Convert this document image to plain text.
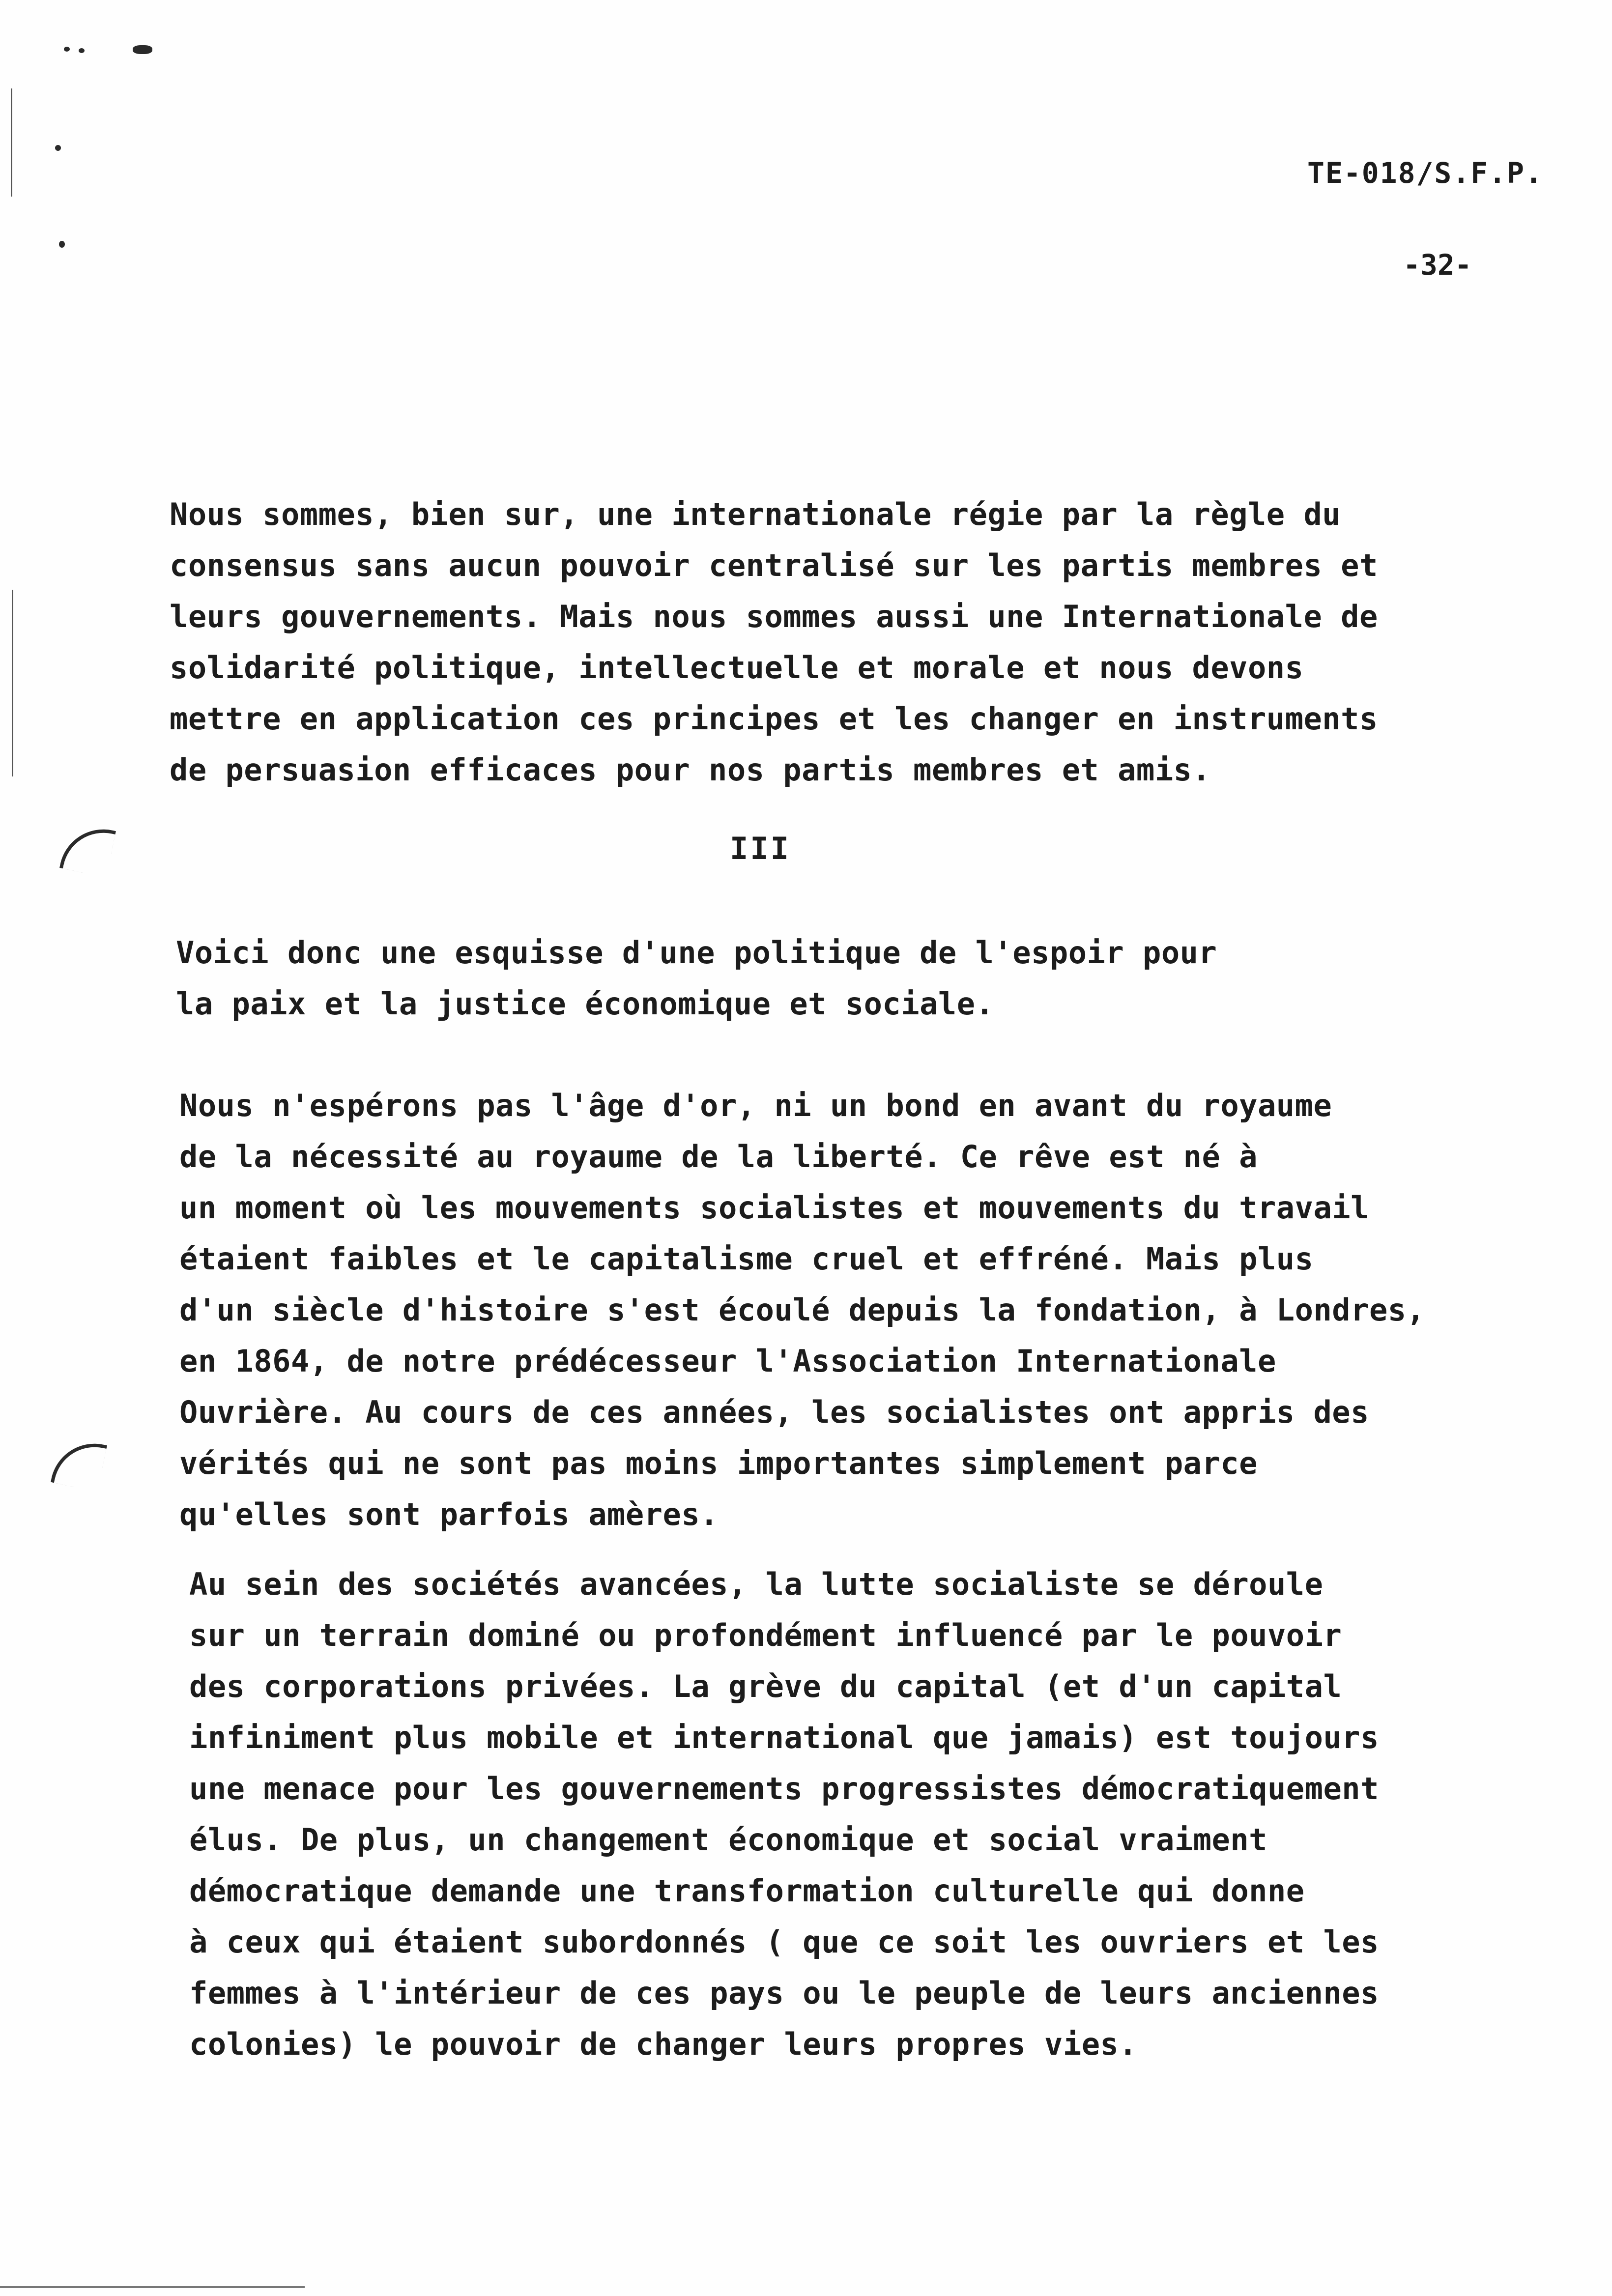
TE-018/S.F.P.
-32-
Nous sommes, bien sur, une internationale régie par la règle du
consensus sans aucun pouvoir centralisé sur les partis membres et
leurs gouvernements. Mais nous sommes aussi une Internationale de
solidarité politique, intellectuelle et morale et nous devons
mettre en application ces principes et les changer en instruments
de persuasion efficaces pour nos partis membres et amis.
III
Voici donc une esquisse d'une politique de l'espoir pour
la paix et la justice économique et sociale.
Nous n'espérons pas l'âge d'or, ni un bond en avant du royaume
de la nécessité au royaume de la liberté. Ce rêve est né à
un moment où les mouvements socialistes et mouvements du travail
étaient faibles et le capitalisme cruel et effréné. Mais plus
d'un siècle d'histoire s'est écoulé depuis la fondation, à Londres,
en 1864, de notre prédécesseur l'Association Internationale
Ouvrière. Au cours de ces années, les socialistes ont appris des
vérités qui ne sont pas moins importantes simplement parce
qu'elles sont parfois amères.
Au sein des sociétés avancées, la lutte socialiste se déroule
sur un terrain dominé ou profondément influencé par le pouvoir
des corporations privées. La grève du capital (et d'un capital
infiniment plus mobile et international que jamais) est toujours
une menace pour les gouvernements progressistes démocratiquement
élus. De plus, un changement économique et social vraiment
démocratique demande une transformation culturelle qui donne
à ceux qui étaient subordonnés ( que ce soit les ouvriers et les
femmes à l'intérieur de ces pays ou le peuple de leurs anciennes
colonies) le pouvoir de changer leurs propres vies.
